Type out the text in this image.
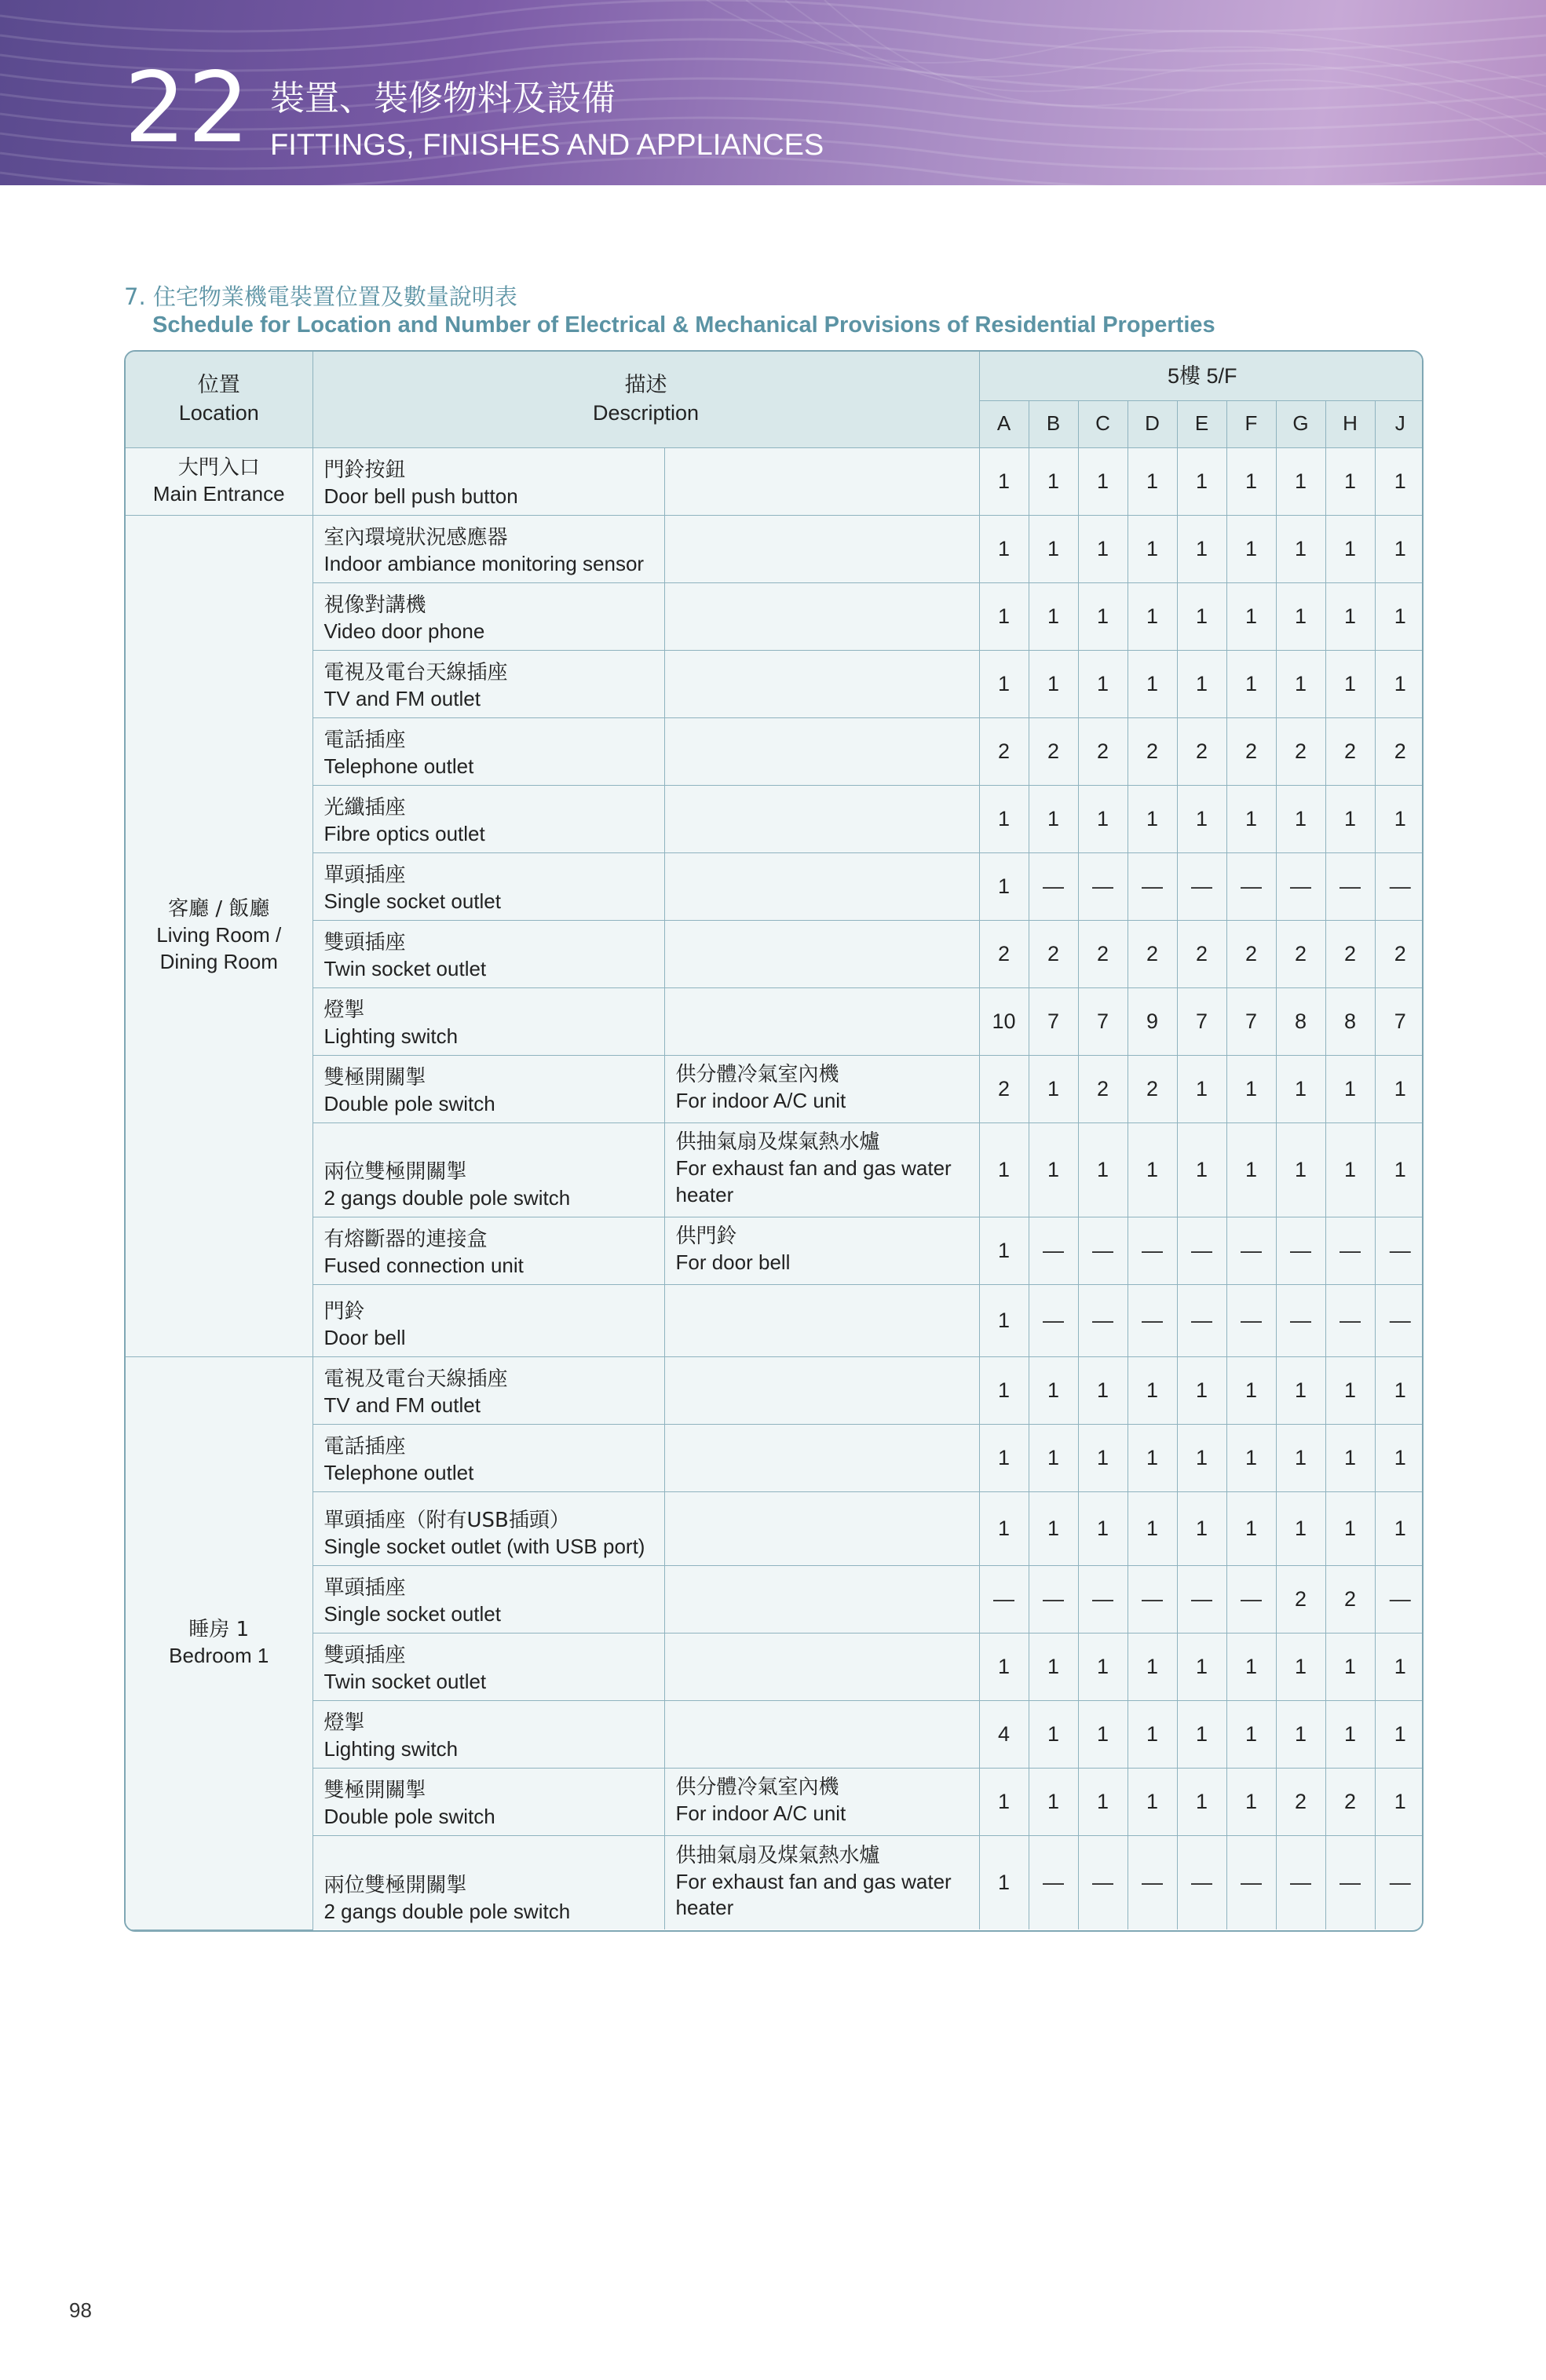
22 裝置、裝修物料及設備
FITTINGS, FINISHES AND APPLIANCES
7. 住宅物業機電裝置位置及數量說明表
Schedule for Location and Number of Electrical & Mechanical Provisions of Residential Properties
位置
Location	描述
Description		5樓 5/F								

			A	B	C	D	E	F	G	H	J

大門入口
Main Entrance	門鈴按鈕
Door bell push button		1	1	1	1	1	1	1	1	1

客廳 / 飯廳
Living Room / Dining Room	室內環境狀況感應器
Indoor ambiance monitoring sensor		1	1	1	1	1	1	1	1	1

	視像對講機
Video door phone		1	1	1	1	1	1	1	1	1

	電視及電台天線插座
TV and FM outlet		1	1	1	1	1	1	1	1	1

	電話插座
Telephone outlet		2	2	2	2	2	2	2	2	2

	光纖插座
Fibre optics outlet		1	1	1	1	1	1	1	1	1

	單頭插座
Single socket outlet		1	—	—	—	—	—	—	—	—

	雙頭插座
Twin socket outlet		2	2	2	2	2	2	2	2	2

	燈掣
Lighting switch		10	7	7	9	7	7	8	8	7

	雙極開關掣
Double pole switch	供分體冷氣室內機
For indoor A/C unit	2	1	2	2	1	1	1	1	1

	兩位雙極開關掣
2 gangs double pole switch	供抽氣扇及煤氣熱水爐
For exhaust fan and gas water heater	1	1	1	1	1	1	1	1	1

	有熔斷器的連接盒
Fused connection unit	供門鈴
For door bell	1	—	—	—	—	—	—	—	—

	門鈴
Door bell		1	—	—	—	—	—	—	—	—

睡房 1
Bedroom 1	電視及電台天線插座
TV and FM outlet		1	1	1	1	1	1	1	1	1

	電話插座
Telephone outlet		1	1	1	1	1	1	1	1	1

	單頭插座（附有USB插頭）
Single socket outlet (with USB port)		1	1	1	1	1	1	1	1	1

	單頭插座
Single socket outlet		—	—	—	—	—	—	2	2	—

	雙頭插座
Twin socket outlet		1	1	1	1	1	1	1	1	1

	燈掣
Lighting switch		4	1	1	1	1	1	1	1	1

	雙極開關掣
Double pole switch	供分體冷氣室內機
For indoor A/C unit	1	1	1	1	1	1	2	2	1

	兩位雙極開關掣
2 gangs double pole switch	供抽氣扇及煤氣熱水爐
For exhaust fan and gas water heater	1	—	—	—	—	—	—	—	—
98
